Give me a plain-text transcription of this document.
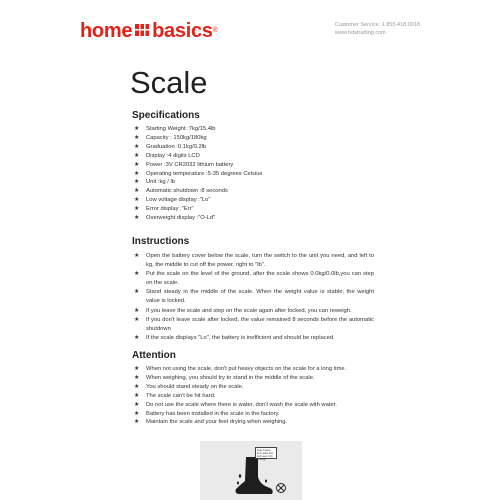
home basics®
Customer Service: 1.855.418.0018
www.hdstrading.com
Scale
Specifications
★ Starting Weight :7kg/15.4lb
★ Capacity : 150kg/180kg
★ Graduation :0.1kg/0.2lb
★ Display :4 digits LCD
★ Power :3V CR2032 lithium battery
★ Operating temperature :5-35 degrees Celsius
★ Unit :kg / lb
★ Automatic shutdown :8 seconds
★ Low voltage display :"Lo"
★ Error display :"Err"
★ Overweight display :"O-Ld"
Instructions
★ Open the battery cover below the scale, turn the switch to the unit you need, and left to kg, the middle to cut off the power, right to "lb".
★ Put the scale on the level of the ground, after the scale shows 0.0kg/0.0lb,you can step on the scale.
★ Stand steady in the middle of the scale. When the weight value is stable, the weight value is locked.
★ If you leave the scale and step on the scale again after locked, you can reweigh.
★ If you don't leave scale after locked, the value remained 8 seconds before the automatic shutdown
★ If the scale displays "Lo", the battery is inefficient and should be replaced.
Attention
★ When not using the scale, don't put heavy objects on the scale for a long time.
★ When weighing, you should try to stand in the middle of the scale.
★ You should stand steady on the scale.
★ The scale can't be hit hard.
★ Do not use the scale where there is water, don't wash the scale with water.
★ Battery has been installed in the scale in the factory.
★ Maintain the scale and your feet drying when weighing.
Keep it away from water and feet keep it dry to weigh
